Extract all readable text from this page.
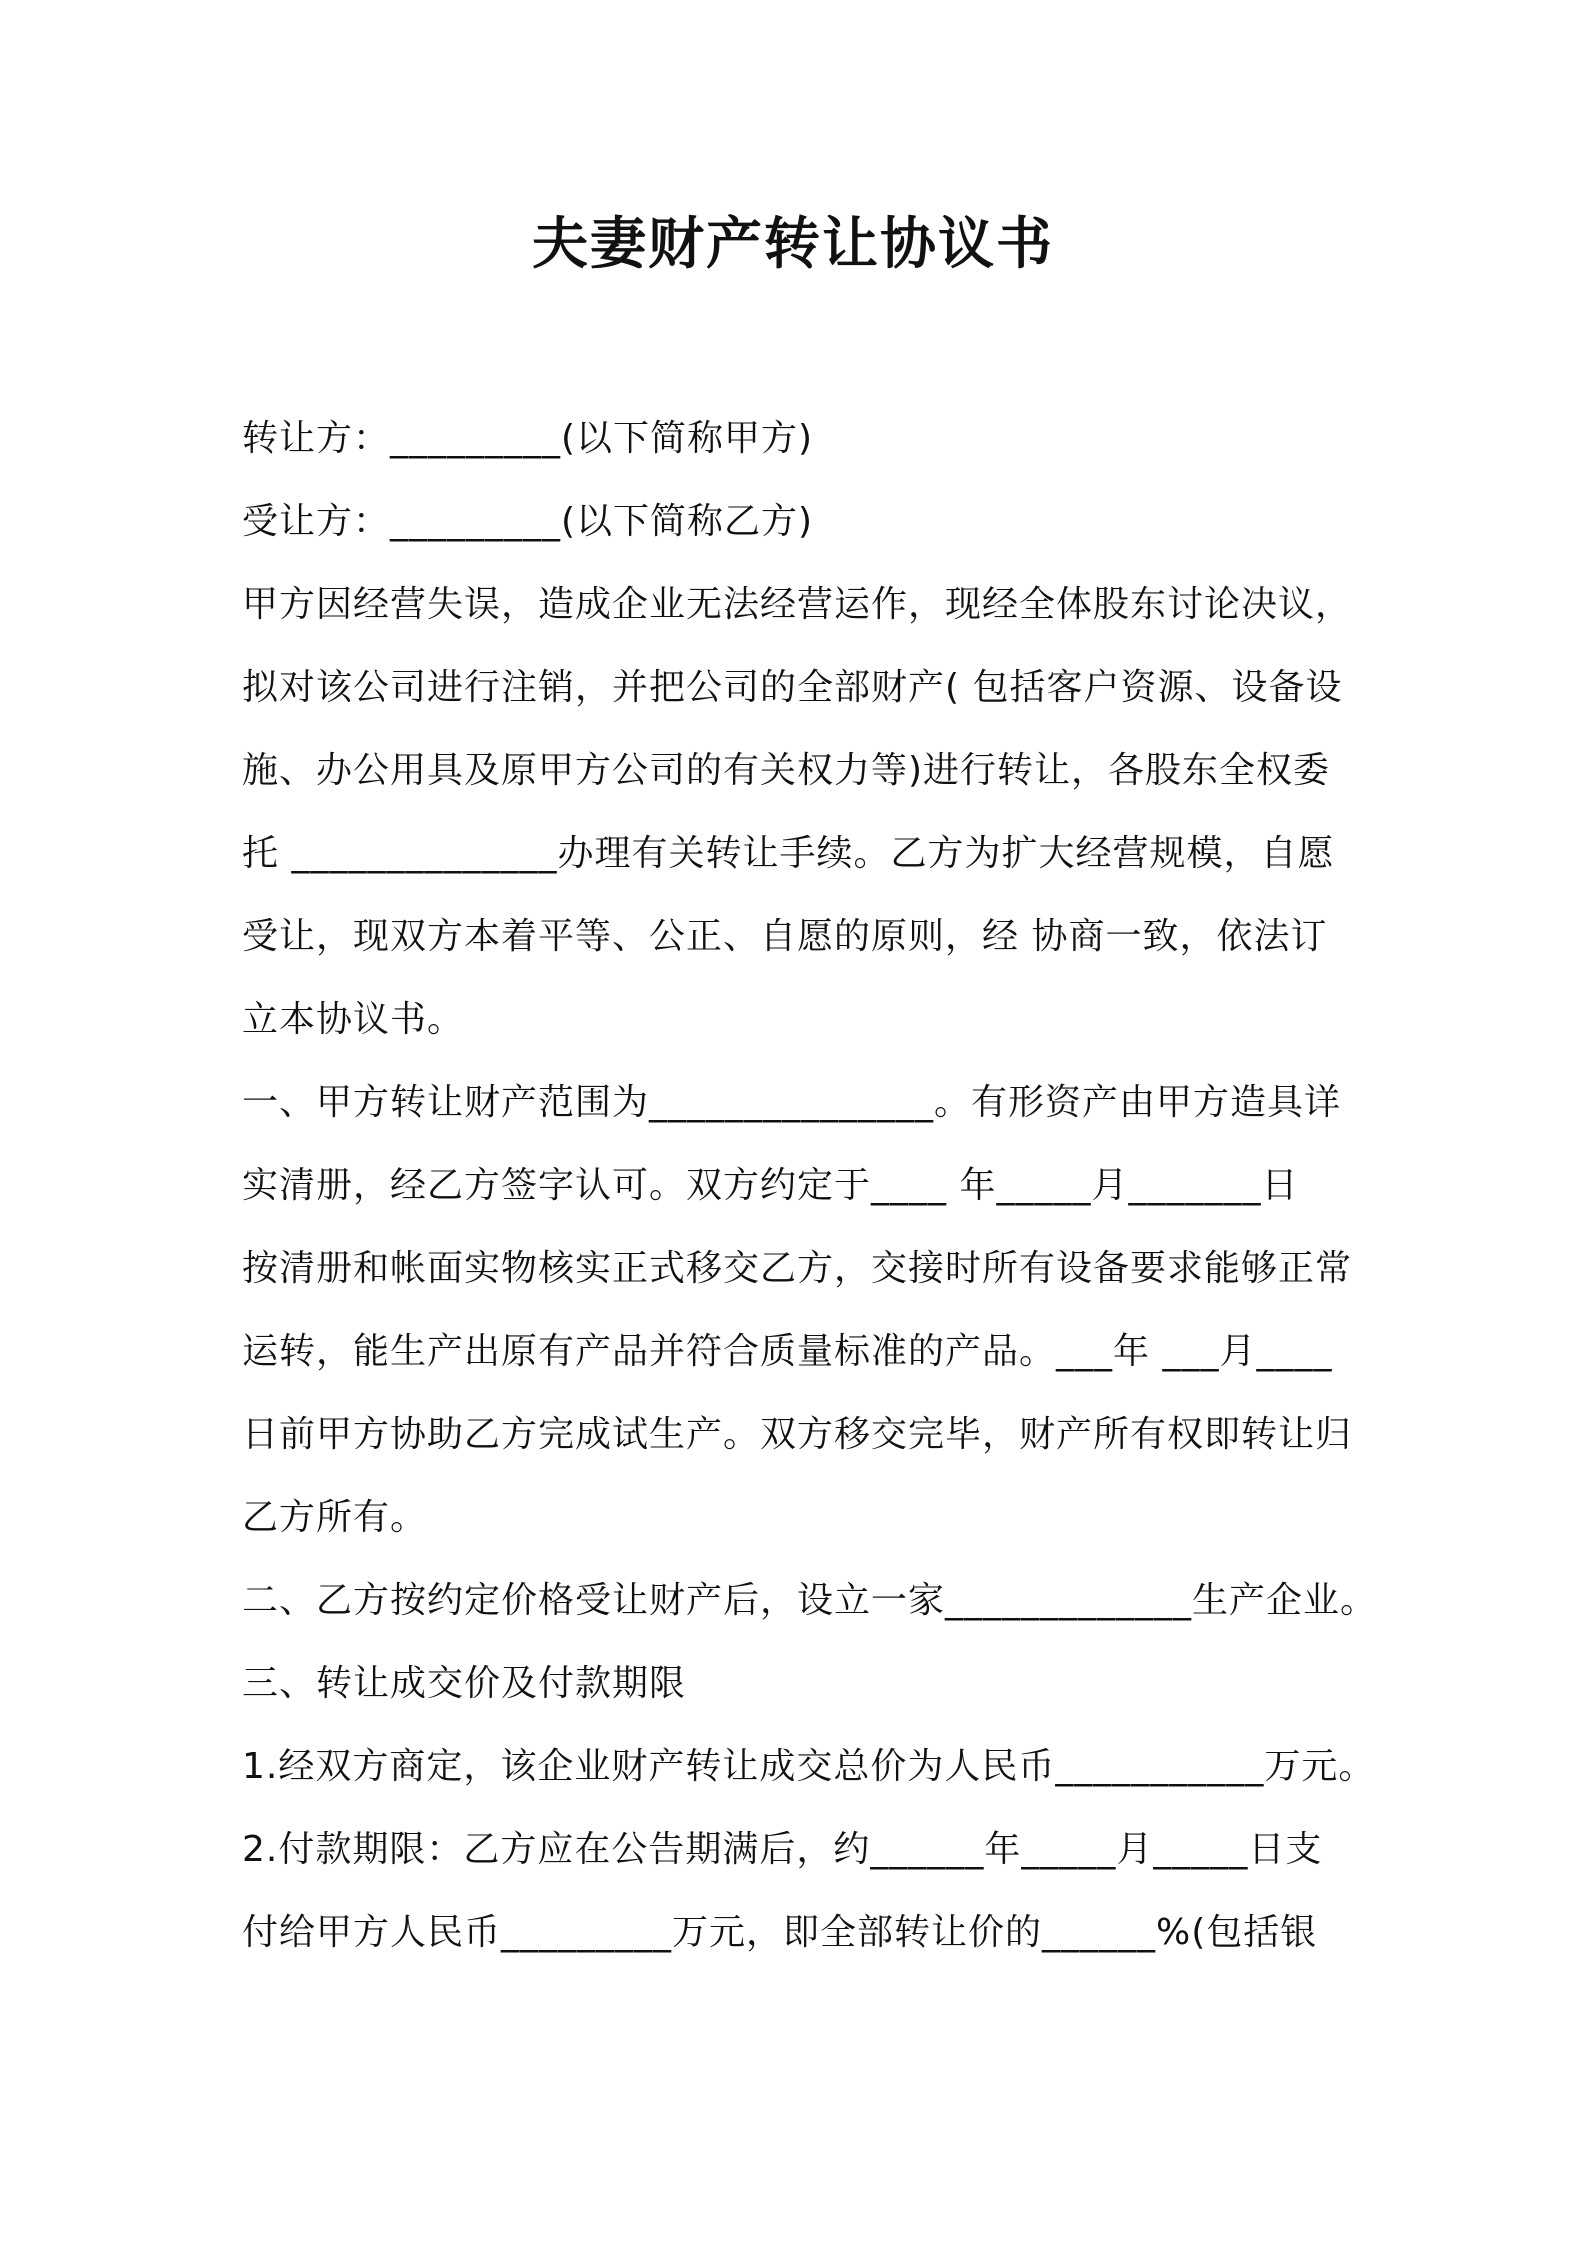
夫妻财产转让协议书
转让方：_________(以下简称甲方)
受让方：_________(以下简称乙方)
甲方因经营失误，造成企业无法经营运作，现经全体股东讨论决议，
拟对该公司进行注销，并把公司的全部财产( 包括客户资源、设备设
施、办公用具及原甲方公司的有关权力等)进行转让，各股东全权委
托 ______________办理有关转让手续。乙方为扩大经营规模，自愿
受让，现双方本着平等、公正、自愿的原则，经 协商一致，依法订
立本协议书。
一、甲方转让财产范围为_______________。有形资产由甲方造具详
实清册，经乙方签字认可。双方约定于____ 年_____月_______日
按清册和帐面实物核实正式移交乙方，交接时所有设备要求能够正常
运转，能生产出原有产品并符合质量标准的产品。___年 ___月____
日前甲方协助乙方完成试生产。双方移交完毕，财产所有权即转让归
乙方所有。
二、乙方按约定价格受让财产后，设立一家_____________生产企业。
三、转让成交价及付款期限
1.经双方商定，该企业财产转让成交总价为人民币___________万元。
2.付款期限：乙方应在公告期满后，约______年_____月_____日支
付给甲方人民币_________万元，即全部转让价的______%(包括银
